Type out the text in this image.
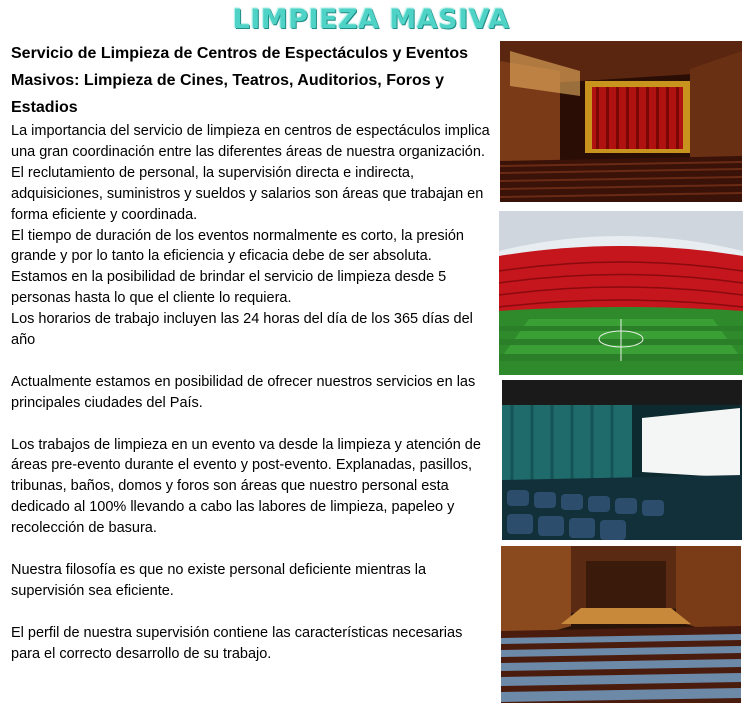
LIMPIEZA MASIVA

Servicio de Limpieza de Centros de Espectáculos y Eventos Masivos: Limpieza de Cines, Teatros, Auditorios, Foros y Estadios

La importancia del servicio de limpieza en centros de espectáculos implica una gran coordinación entre las diferentes áreas de nuestra organización.

El reclutamiento de personal, la supervisión directa e indirecta, adquisiciones, suministros y sueldos y salarios son áreas que trabajan en forma eficiente y coordinada.

El tiempo de duración de los eventos normalmente es corto, la presión grande y por lo tanto la eficiencia y eficacia debe de ser absoluta.

Estamos en la posibilidad de brindar el servicio de limpieza desde 5 personas hasta lo que el cliente lo requiera.

Los horarios de trabajo incluyen las 24 horas del día de los 365 días del año

Actualmente estamos en posibilidad de ofrecer nuestros servicios en las principales ciudades del País.

Los trabajos de limpieza en un evento va desde la limpieza y atención de áreas pre-evento durante el evento y post-evento. Explanadas, pasillos, tribunas, baños, domos y foros son áreas que nuestro personal esta dedicado al 100% llevando a cabo las labores de limpieza, papeleo y recolección de basura.

Nuestra filosofía es que no existe personal deficiente mientras la supervisión sea eficiente.

El perfil de nuestra supervisión contiene las características necesarias para el correcto desarrollo de su trabajo.
